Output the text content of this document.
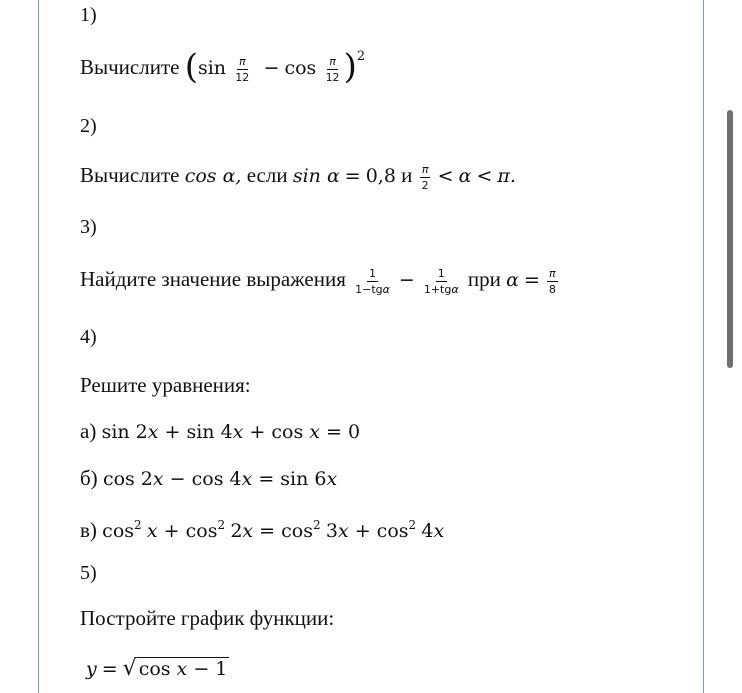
1)
Вычислите $(\sin \frac{\pi}{12} - \cos \frac{\pi}{12} )^2$
2)
Вычислите cos α, если sin α = 0,8 и $\frac{\pi}{2} < \alpha < \pi$.
3)
Найдите значение выражения $\frac{1}{\text{1−tgα}} - \frac{1}{\text{1+tgα}}$ при $\alpha = \frac{\pi}{8}$
4)
Решите уравнения:
а) sin 2𝑥 + sin 4𝑥 + cos 𝑥 = 0
б) cos 2𝑥 − cos 4𝑥 = sin 6𝑥
в) $\cos^2$ 𝑥 + $\cos^2$ 2𝑥 = $\cos^2$ 3𝑥 + $\cos^2$ 4𝑥
5)
Постройте график функции:
𝑦 = √ cos 𝑥 − 1
